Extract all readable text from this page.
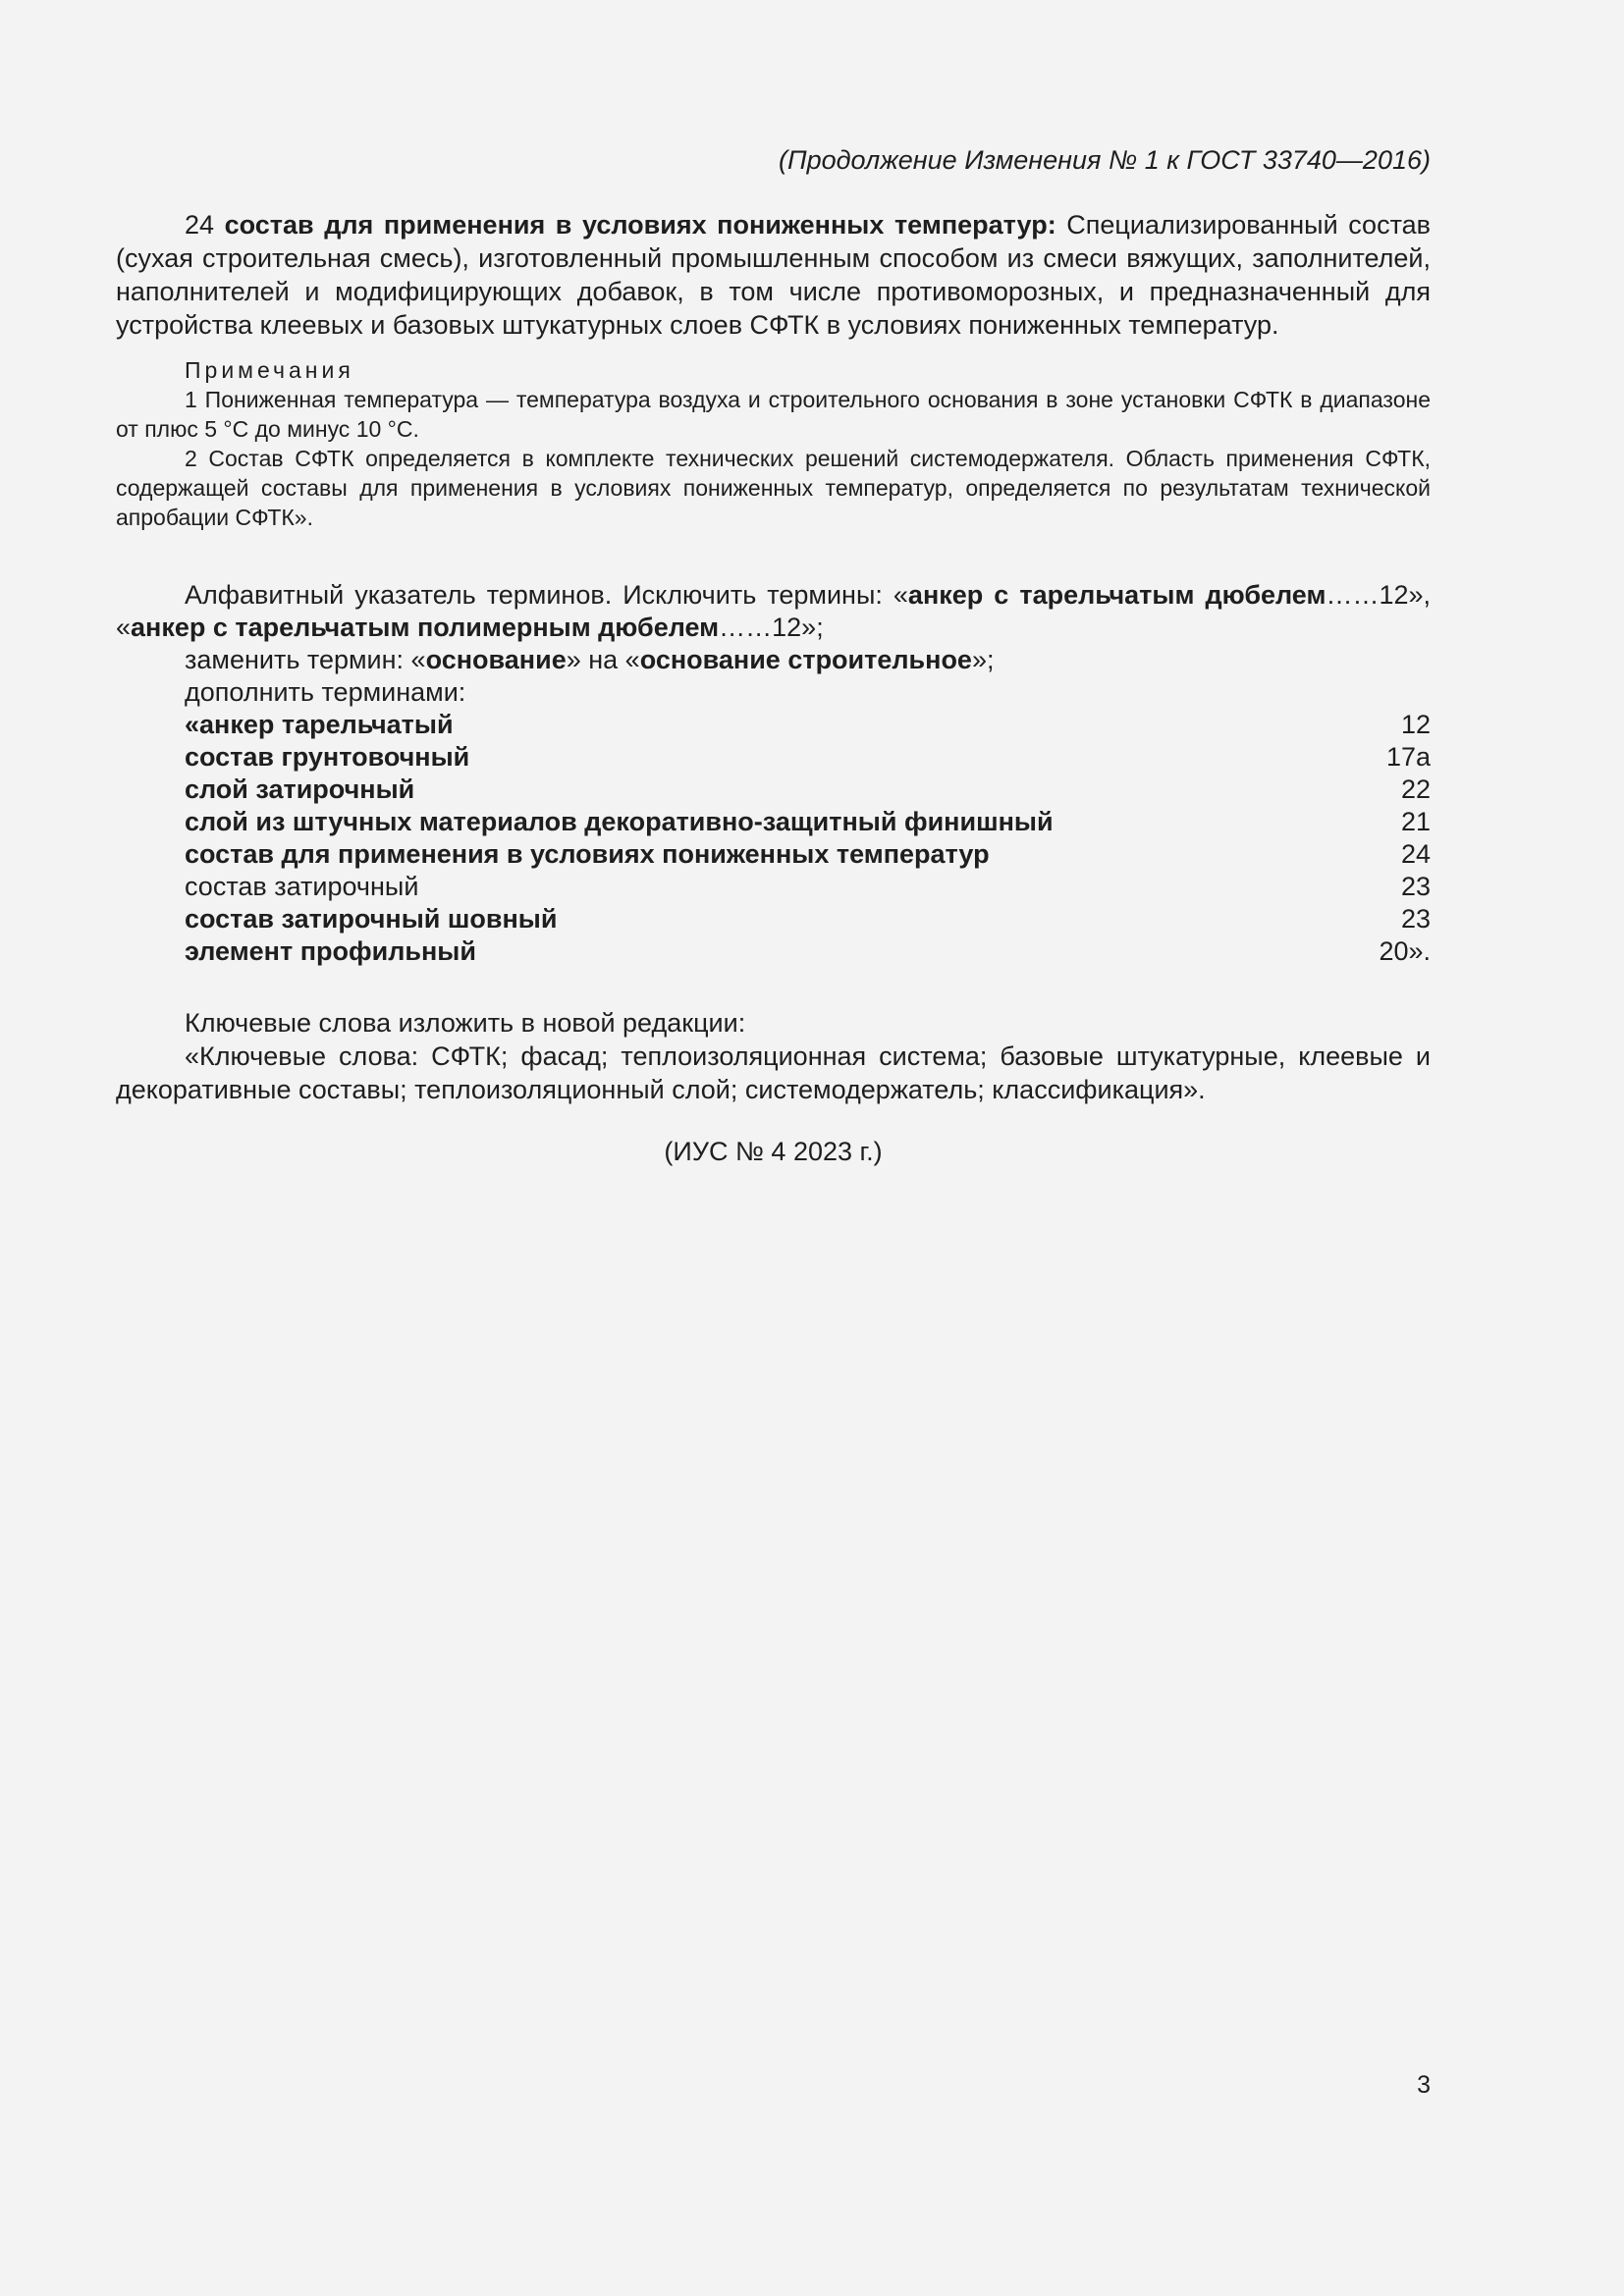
(Продолжение Изменения № 1 к ГОСТ 33740—2016)

24 состав для применения в условиях пониженных температур: Специализированный состав (сухая строительная смесь), изготовленный промышленным способом из смеси вяжущих, заполнителей, наполнителей и модифицирующих добавок, в том числе противоморозных, и предназначенный для устройства клеевых и базовых штукатурных слоев СФТК в условиях пониженных температур.

Примечания

1 Пониженная температура — температура воздуха и строительного основания в зоне установки СФТК в диапазоне от плюс 5 °С до минус 10 °С.

2 Состав СФТК определяется в комплекте технических решений системодержателя. Область применения СФТК, содержащей составы для применения в условиях пониженных температур, определяется по результатам технической апробации СФТК».

Алфавитный указатель терминов. Исключить термины: «анкер с тарельчатым дюбелем……12», «анкер с тарельчатым полимерным дюбелем……12»;

заменить термин: «основание» на «основание строительное»;

дополнить терминами:

«анкер тарельчатый	12
состав грунтовочный	17а
слой затирочный	22
слой из штучных материалов декоративно-защитный финишный	21
состав для применения в условиях пониженных температур	24
состав затирочный	23
состав затирочный шовный	23
элемент профильный	20».

Ключевые слова изложить в новой редакции:

«Ключевые слова: СФТК; фасад; теплоизоляционная система; базовые штукатурные, клеевые и декоративные составы; теплоизоляционный слой; системодержатель; классификация».

(ИУС № 4 2023 г.)
3
